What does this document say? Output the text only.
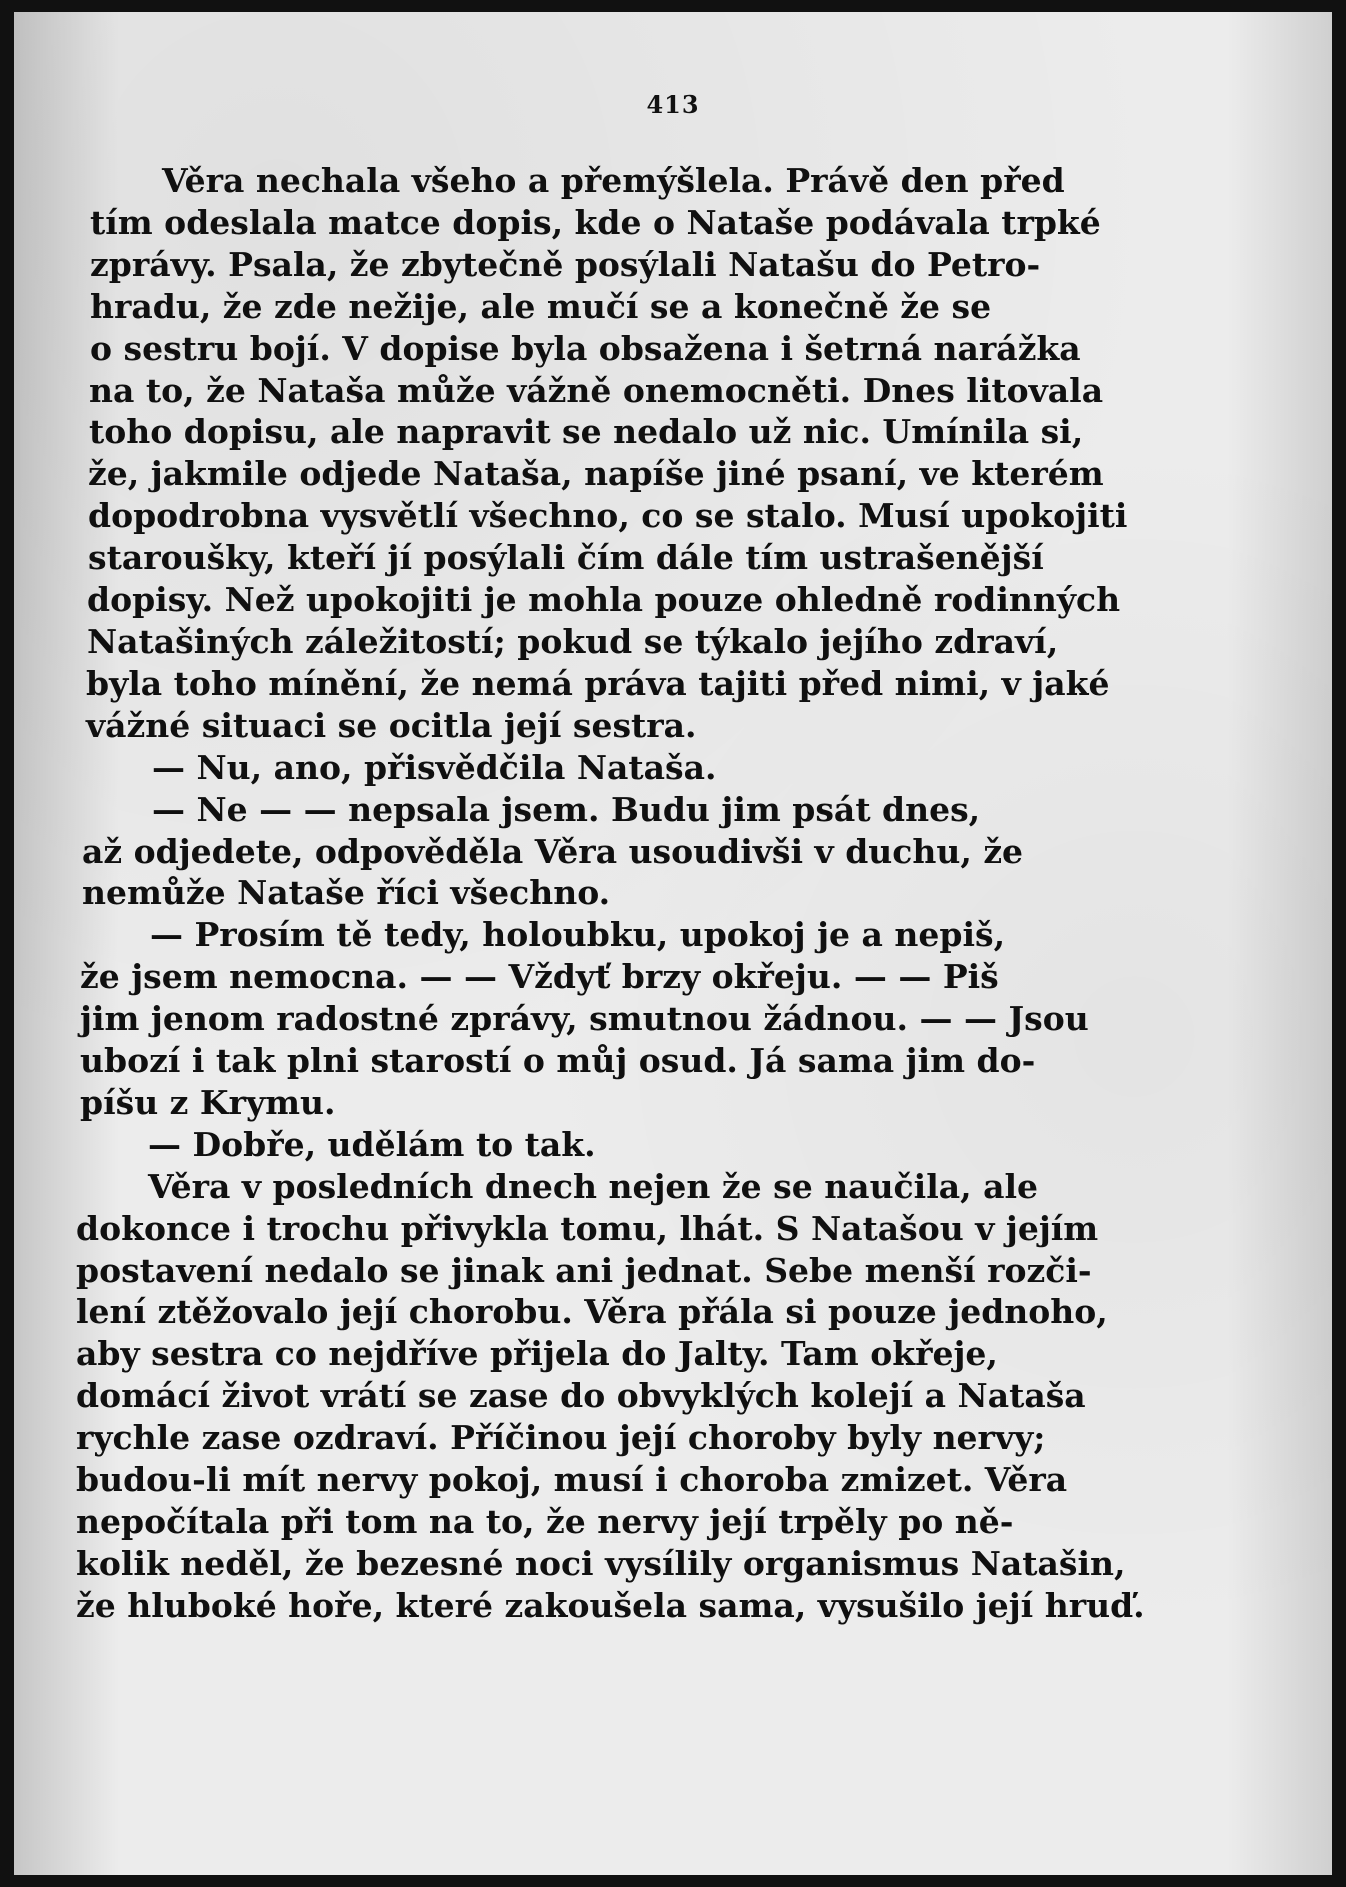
413

Věra nechala všeho a přemýšlela. Právě den před

tím odeslala matce dopis, kde o Nataše podávala trpké

zprávy. Psala, že zbytečně posýlali Natašu do Petro-

hradu, že zde nežije, ale mučí se a konečně že se

o sestru bojí. V dopise byla obsažena i šetrná narážka

na to, že Nataša může vážně onemocněti. Dnes litovala

toho dopisu, ale napravit se nedalo už nic. Umínila si,

že, jakmile odjede Nataša, napíše jiné psaní, ve kterém

dopodrobna vysvětlí všechno, co se stalo. Musí upokojiti

staroušky, kteří jí posýlali čím dále tím ustrašenější

dopisy. Než upokojiti je mohla pouze ohledně rodinných

Natašiných záležitostí; pokud se týkalo jejího zdraví,

byla toho mínění, že nemá práva tajiti před nimi, v jaké

vážné situaci se ocitla její sestra.

— Nu, ano, přisvědčila Nataša.

— Ne — — nepsala jsem. Budu jim psát dnes,

až odjedete, odpověděla Věra usoudivši v duchu, že

nemůže Nataše říci všechno.

— Prosím tě tedy, holoubku, upokoj je a nepiš,

že jsem nemocna. — — Vždyť brzy okřeju. — — Piš

jim jenom radostné zprávy, smutnou žádnou. — — Jsou

ubozí i tak plni starostí o můj osud. Já sama jim do-

píšu z Krymu.

— Dobře, udělám to tak.

Věra v posledních dnech nejen že se naučila, ale

dokonce i trochu přivykla tomu, lhát. S Natašou v jejím

postavení nedalo se jinak ani jednat. Sebe menší rozči-

lení ztěžovalo její chorobu. Věra přála si pouze jednoho,

aby sestra co nejdříve přijela do Jalty. Tam okřeje,

domácí život vrátí se zase do obvyklých kolejí a Nataša

rychle zase ozdraví. Příčinou její choroby byly nervy;

budou-li mít nervy pokoj, musí i choroba zmizet. Věra

nepočítala při tom na to, že nervy její trpěly po ně-

kolik neděl, že bezesné noci vysílily organismus Natašin,

že hluboké hoře, které zakoušela sama, vysušilo její hruď.
